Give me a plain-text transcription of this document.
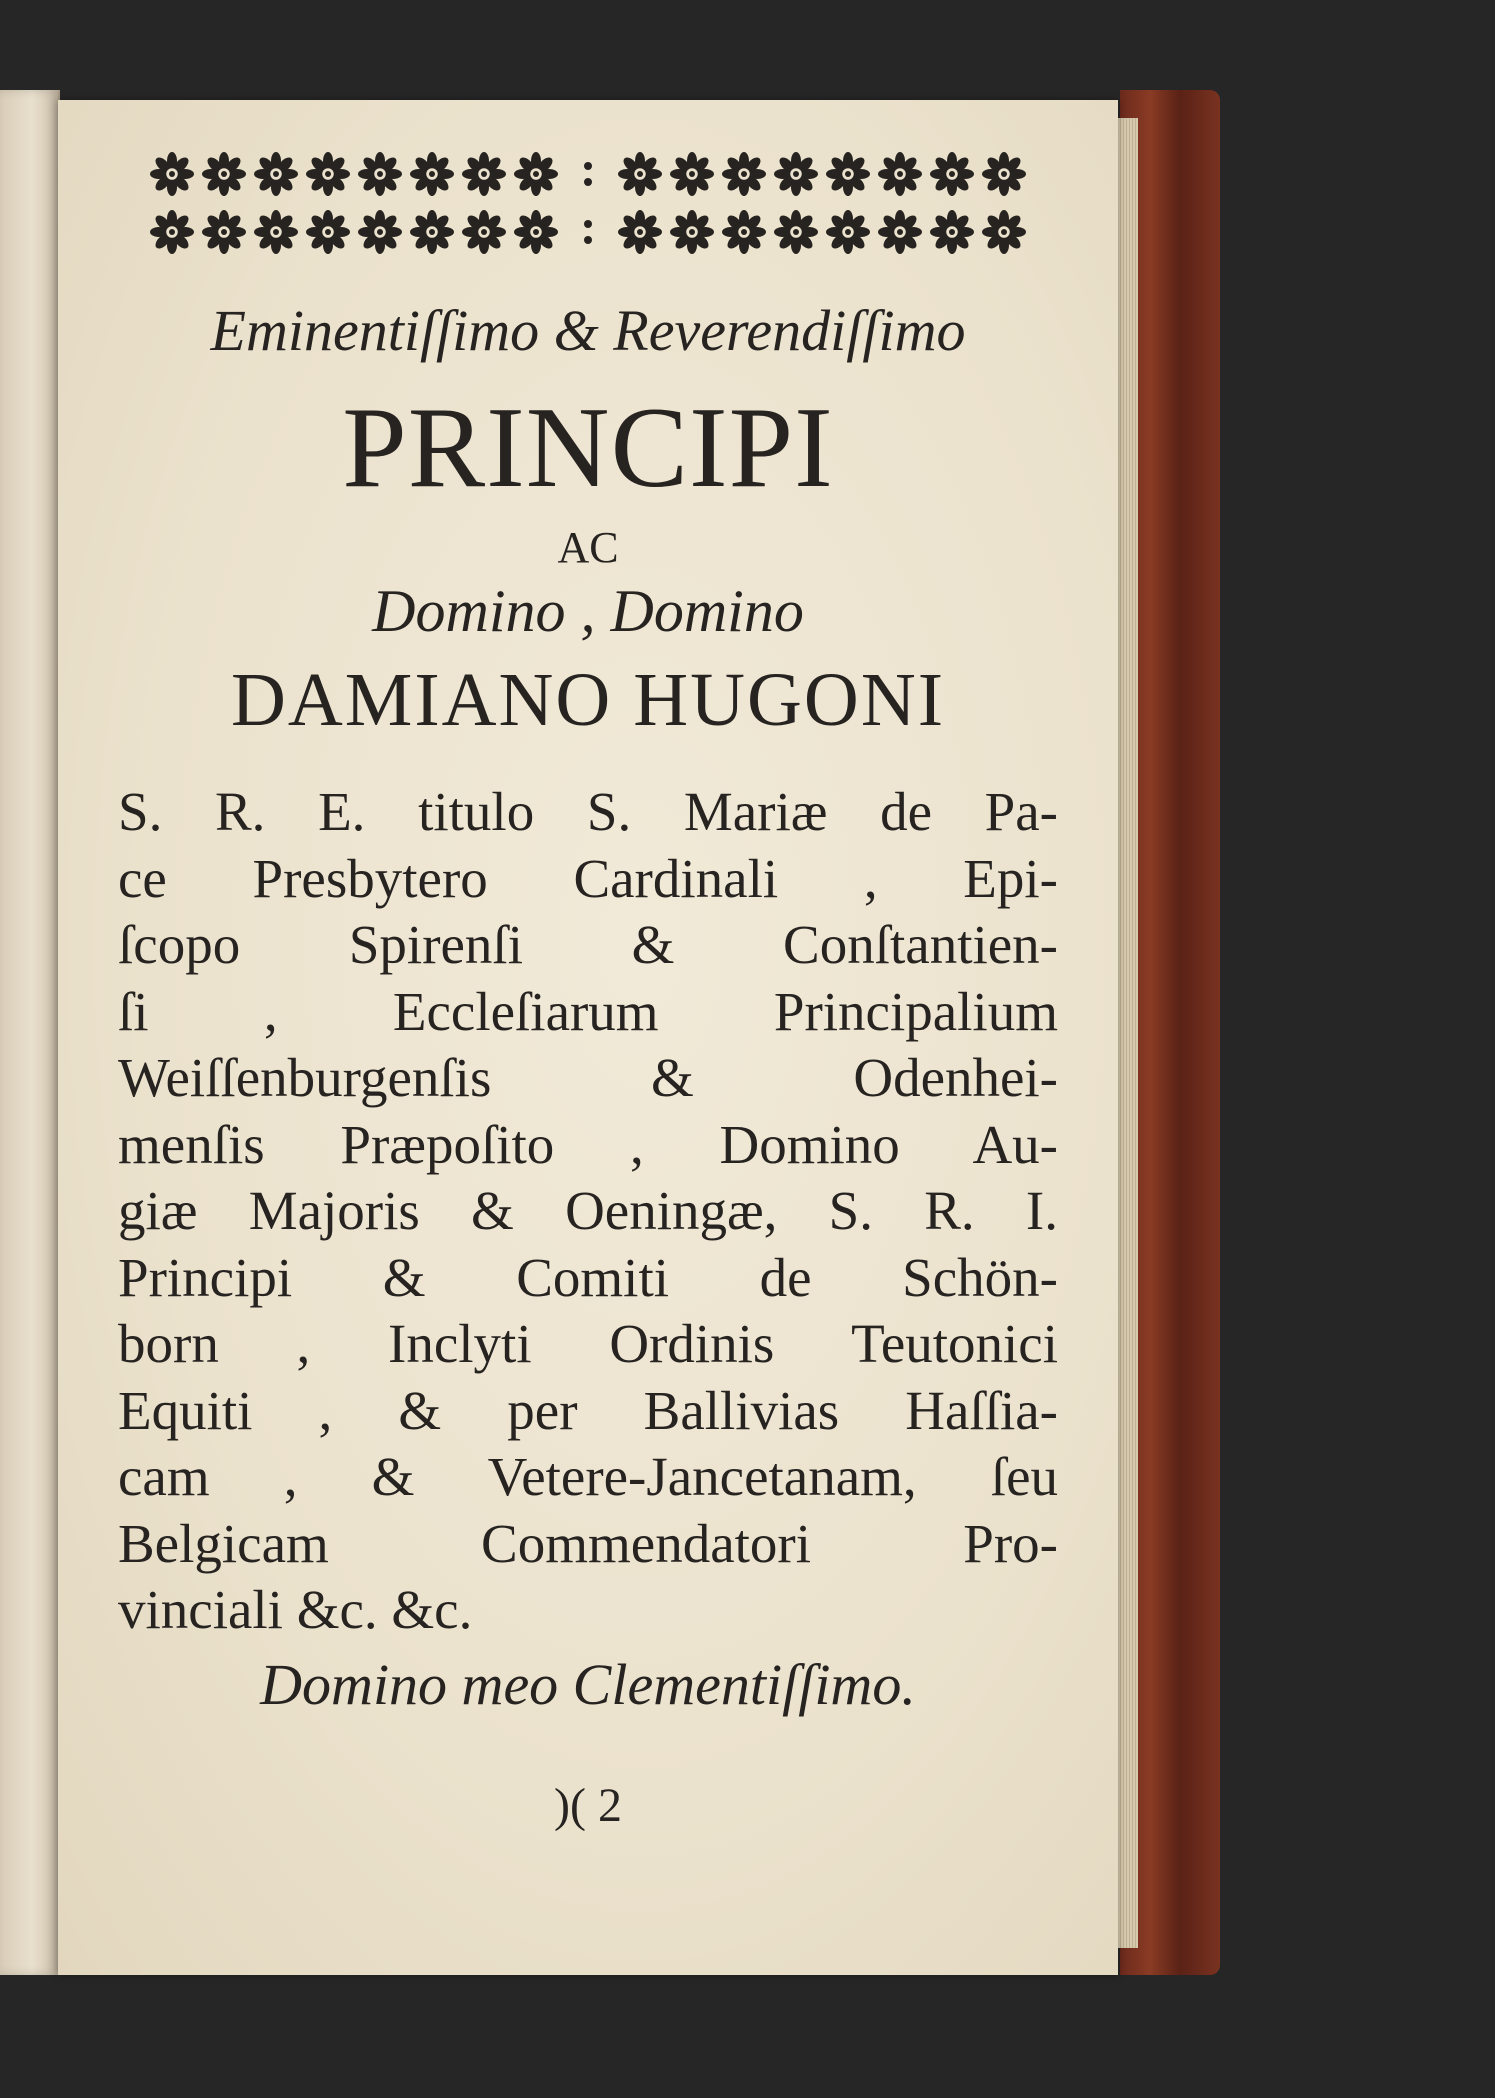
Eminentiſſimo & Reverendiſſimo
PRINCIPI
AC
Domino , Domino
DAMIANO HUGONI
S. R. E. titulo S. Mariæ de Pa-
ce Presbytero Cardinali , Epi-
ſcopo Spirenſi & Conſtantien-
ſi , Eccleſiarum Principalium
Weiſſenburgenſis & Odenhei-
menſis Præpoſito , Domino Au-
giæ Majoris & Oeningæ, S. R. I.
Principi & Comiti de Schön-
born , Inclyti Ordinis Teutonici
Equiti , & per Ballivias Haſſia-
cam , & Vetere-Jancetanam, ſeu
Belgicam Commendatori Pro-
vinciali &c. &c.
Domino meo Clementiſſimo.
)( 2
